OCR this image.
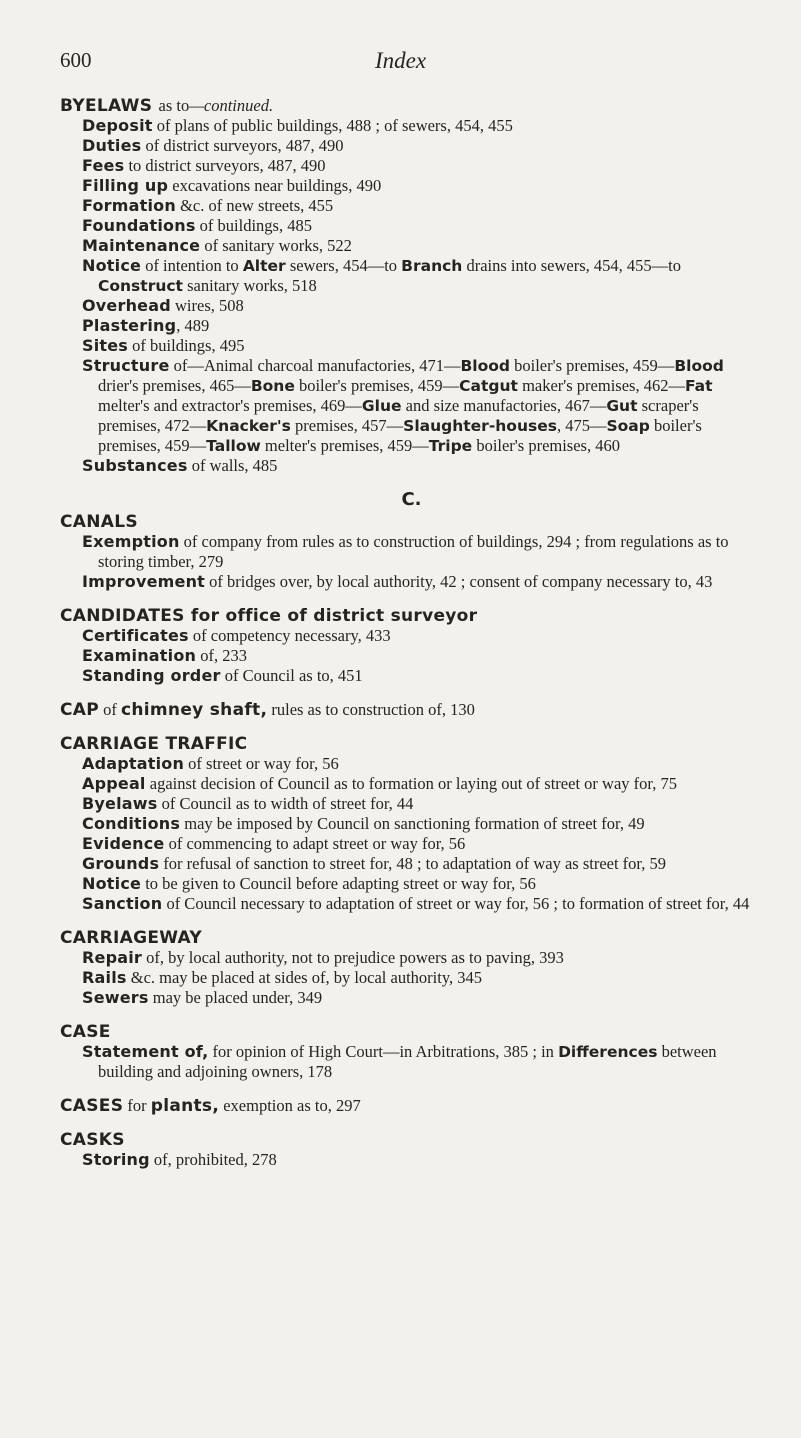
600	Index
BYELAWS as to—continued.
Deposit of plans of public buildings, 488 ; of sewers, 454, 455
Duties of district surveyors, 487, 490
Fees to district surveyors, 487, 490
Filling up excavations near buildings, 490
Formation &c. of new streets, 455
Foundations of buildings, 485
Maintenance of sanitary works, 522
Notice of intention to Alter sewers, 454—to Branch drains into sewers, 454, 455—to Construct sanitary works, 518
Overhead wires, 508
Plastering, 489
Sites of buildings, 495
Structure of—Animal charcoal manufactories, 471—Blood boiler's premises, 459—Blood drier's premises, 465—Bone boiler's premises, 459—Catgut maker's premises, 462—Fat melter's and extractor's premises, 469—Glue and size manufactories, 467—Gut scraper's premises, 472—Knacker's premises, 457—Slaughter-houses, 475—Soap boiler's premises, 459—Tallow melter's premises, 459—Tripe boiler's premises, 460
Substances of walls, 485
C.
CANALS
Exemption of company from rules as to construction of buildings, 294 ; from regulations as to storing timber, 279
Improvement of bridges over, by local authority, 42 ; consent of company necessary to, 43
CANDIDATES for office of district surveyor
Certificates of competency necessary, 433
Examination of, 233
Standing order of Council as to, 451
CAP of chimney shaft, rules as to construction of, 130
CARRIAGE TRAFFIC
Adaptation of street or way for, 56
Appeal against decision of Council as to formation or laying out of street or way for, 75
Byelaws of Council as to width of street for, 44
Conditions may be imposed by Council on sanctioning formation of street for, 49
Evidence of commencing to adapt street or way for, 56
Grounds for refusal of sanction to street for, 48 ; to adaptation of way as street for, 59
Notice to be given to Council before adapting street or way for, 56
Sanction of Council necessary to adaptation of street or way for, 56 ; to formation of street for, 44
CARRIAGEWAY
Repair of, by local authority, not to prejudice powers as to paving, 393
Rails &c. may be placed at sides of, by local authority, 345
Sewers may be placed under, 349
CASE
Statement of, for opinion of High Court—in Arbitrations, 385 ; in Differences between building and adjoining owners, 178
CASES for plants, exemption as to, 297
CASKS
Storing of, prohibited, 278
